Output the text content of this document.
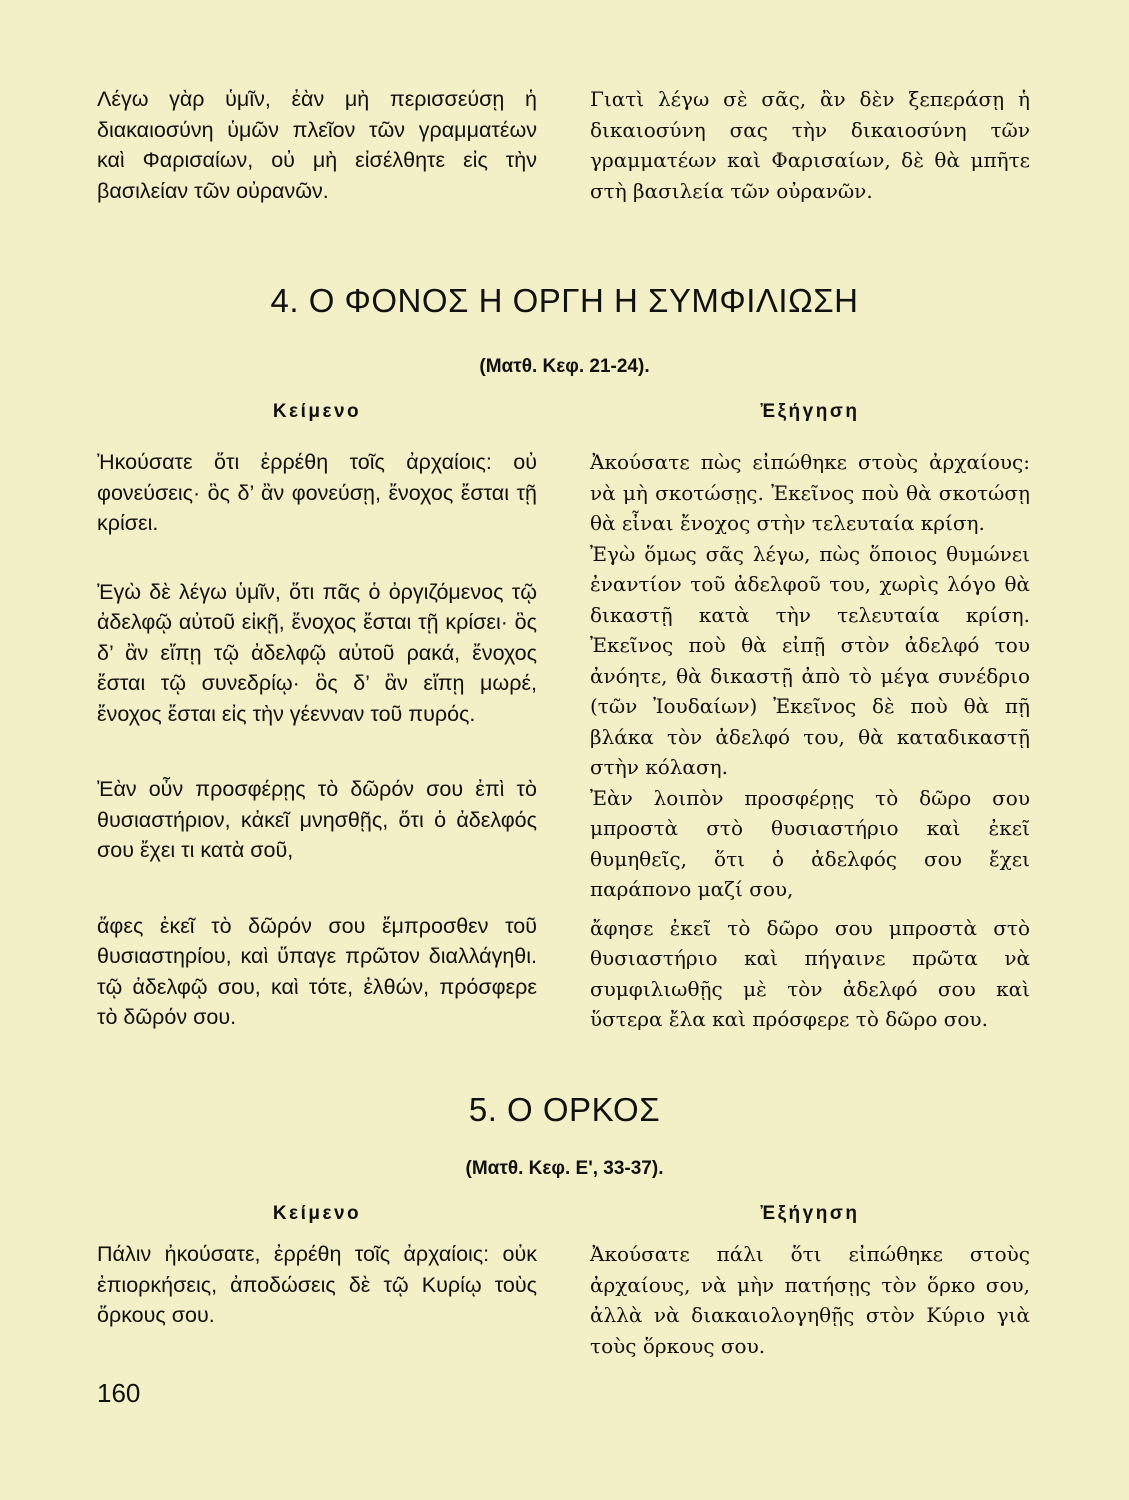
Λέγω γὰρ ὑμῖν, ἐὰν μὴ περισσεύσῃ ἡ διακαιοσύνη ὑμῶν πλεῖον τῶν γραμματέων καὶ Φαρισαίων, οὐ μὴ εἰσέλθητε εἰς τὴν βασιλείαν τῶν οὐρανῶν.

Γιατὶ λέγω σὲ σᾶς, ἂν δὲν ξεπεράσῃ ἡ δικαιοσύνη σας τὴν δικαιοσύνη τῶν γραμματέων καὶ Φαρισαίων, δὲ θὰ μπῆτε στὴ βασιλεία τῶν οὐρανῶν.

4. Ο ΦΟΝΟΣ Η ΟΡΓΗ Η ΣΥΜΦΙΛΙΩΣΗ

(Ματθ. Κεφ. 21-24).

Κείμενο	Ἐξήγηση

Ἠκούσατε ὅτι ἐρρέθη τοῖς ἀρχαίοις: οὐ φονεύσεις· ὃς δ’ ἂν φονεύσῃ, ἔνοχος ἔσται τῇ κρίσει.

Ἐγὼ δὲ λέγω ὑμῖν, ὅτι πᾶς ὁ ὀργιζόμενος τῷ ἀδελφῷ αὐτοῦ εἰκῇ, ἔνοχος ἔσται τῇ κρίσει· ὃς δ’ ἂν εἴπῃ τῷ ἀδελφῷ αὐτοῦ ρακά, ἔνοχος ἔσται τῷ συνεδρίῳ· ὃς δ’ ἂν εἴπῃ μωρέ, ἔνοχος ἔσται εἰς τὴν γέενναν τοῦ πυρός.

Ἐὰν οὖν προσφέρῃς τὸ δῶρόν σου ἐπὶ τὸ θυσιαστήριον, κἀκεῖ μνησθῇς, ὅτι ὁ ἀδελφός σου ἔχει τι κατὰ σοῦ,

ἄφες ἐκεῖ τὸ δῶρόν σου ἔμπροσθεν τοῦ θυσιαστηρίου, καὶ ὕπαγε πρῶτον διαλλάγηθι. τῷ ἀδελφῷ σου, καὶ τότε, ἐλθών, πρόσφερε τὸ δῶρόν σου.

Ἀκούσατε πὼς εἰπώθηκε στοὺς ἀρχαίους: νὰ μὴ σκοτώσῃς. Ἐκεῖνος ποὺ θὰ σκοτώσῃ θὰ εἶναι ἔνοχος στὴν τελευταία κρίση.

Ἐγὼ ὅμως σᾶς λέγω, πὼς ὅποιος θυμώνει ἐναντίον τοῦ ἀδελφοῦ του, χωρὶς λόγο θὰ δικαστῇ κατὰ τὴν τελευταία κρίση. Ἐκεῖνος ποὺ θὰ εἰπῇ στὸν ἀδελφό του ἀνόητε, θὰ δικαστῇ ἀπὸ τὸ μέγα συνέδριο (τῶν Ἰουδαίων) Ἐκεῖνος δὲ ποὺ θὰ πῇ βλάκα τὸν ἀδελφό του, θὰ καταδικαστῇ στὴν κόλαση.

Ἐὰν λοιπὸν προσφέρῃς τὸ δῶρο σου μπροστὰ στὸ θυσιαστήριο καὶ ἐκεῖ θυμηθεῖς, ὅτι ὁ ἀδελφός σου ἔχει παράπονο μαζί σου,

ἄφησε ἐκεῖ τὸ δῶρο σου μπροστὰ στὸ θυσιαστήριο καὶ πήγαινε πρῶτα νὰ συμφιλιωθῇς μὲ τὸν ἀδελφό σου καὶ ὕστερα ἔλα καὶ πρόσφερε τὸ δῶρο σου.

5. Ο ΟΡΚΟΣ

(Ματθ. Κεφ. Ε', 33-37).

Κείμενο	Ἐξήγηση

Πάλιν ἠκούσατε, ἐρρέθη τοῖς ἀρχαίοις: οὐκ ἐπιορκήσεις, ἀποδώσεις δὲ τῷ Κυρίῳ τοὺς ὅρκους σου.

Ἀκούσατε πάλι ὅτι εἰπώθηκε στοὺς ἀρχαίους, νὰ μὴν πατήσῃς τὸν ὅρκο σου, ἀλλὰ νὰ διακαιολογηθῇς στὸν Κύριο γιὰ τοὺς ὅρκους σου.

160
